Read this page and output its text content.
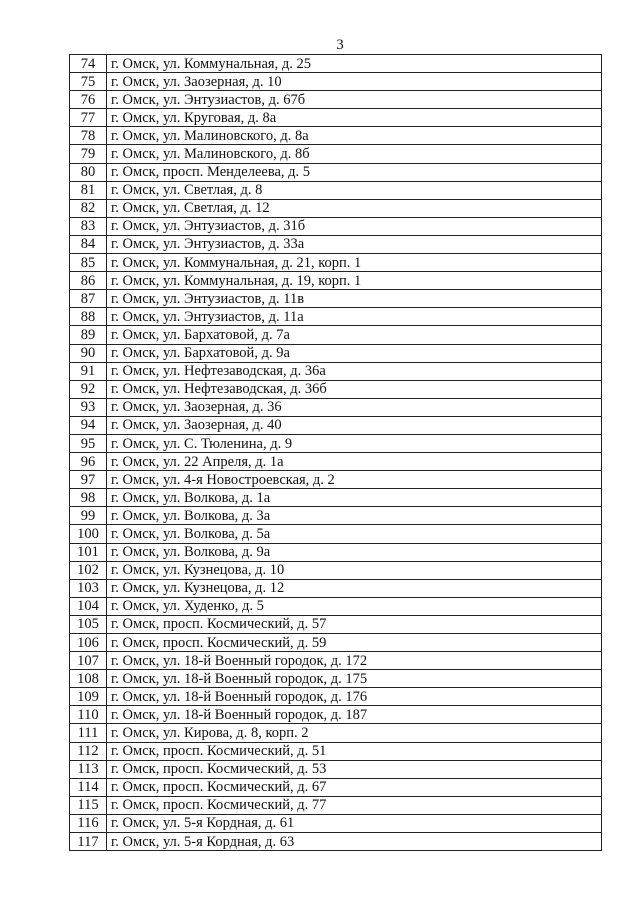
3
74	г. Омск, ул. Коммунальная, д. 25
75	г. Омск, ул. Заозерная, д. 10
76	г. Омск, ул. Энтузиастов, д. 67б
77	г. Омск, ул. Круговая, д. 8а
78	г. Омск, ул. Малиновского, д. 8а
79	г. Омск, ул. Малиновского, д. 8б
80	г. Омск, просп. Менделеева, д. 5
81	г. Омск, ул. Светлая, д. 8
82	г. Омск, ул. Светлая, д. 12
83	г. Омск, ул. Энтузиастов, д. 31б
84	г. Омск, ул. Энтузиастов, д. 33а
85	г. Омск, ул. Коммунальная, д. 21, корп. 1
86	г. Омск, ул. Коммунальная, д. 19, корп. 1
87	г. Омск, ул. Энтузиастов, д. 11в
88	г. Омск, ул. Энтузиастов, д. 11а
89	г. Омск, ул. Бархатовой, д. 7а
90	г. Омск, ул. Бархатовой, д. 9а
91	г. Омск, ул. Нефтезаводская, д. 36а
92	г. Омск, ул. Нефтезаводская, д. 36б
93	г. Омск, ул. Заозерная, д. 36
94	г. Омск, ул. Заозерная, д. 40
95	г. Омск, ул. С. Тюленина, д. 9
96	г. Омск, ул. 22 Апреля, д. 1а
97	г. Омск, ул. 4-я Новостроевская, д. 2
98	г. Омск, ул. Волкова, д. 1а
99	г. Омск, ул. Волкова, д. 3а
100	г. Омск, ул. Волкова, д. 5а
101	г. Омск, ул. Волкова, д. 9а
102	г. Омск, ул. Кузнецова, д. 10
103	г. Омск, ул. Кузнецова, д. 12
104	г. Омск, ул. Худенко, д. 5
105	г. Омск, просп. Космический, д. 57
106	г. Омск, просп. Космический, д. 59
107	г. Омск, ул. 18-й Военный городок, д. 172
108	г. Омск, ул. 18-й Военный городок, д. 175
109	г. Омск, ул. 18-й Военный городок, д. 176
110	г. Омск, ул. 18-й Военный городок, д. 187
111	г. Омск, ул. Кирова, д. 8, корп. 2
112	г. Омск, просп. Космический, д. 51
113	г. Омск, просп. Космический, д. 53
114	г. Омск, просп. Космический, д. 67
115	г. Омск, просп. Космический, д. 77
116	г. Омск, ул. 5-я Кордная, д. 61
117	г. Омск, ул. 5-я Кордная, д. 63
